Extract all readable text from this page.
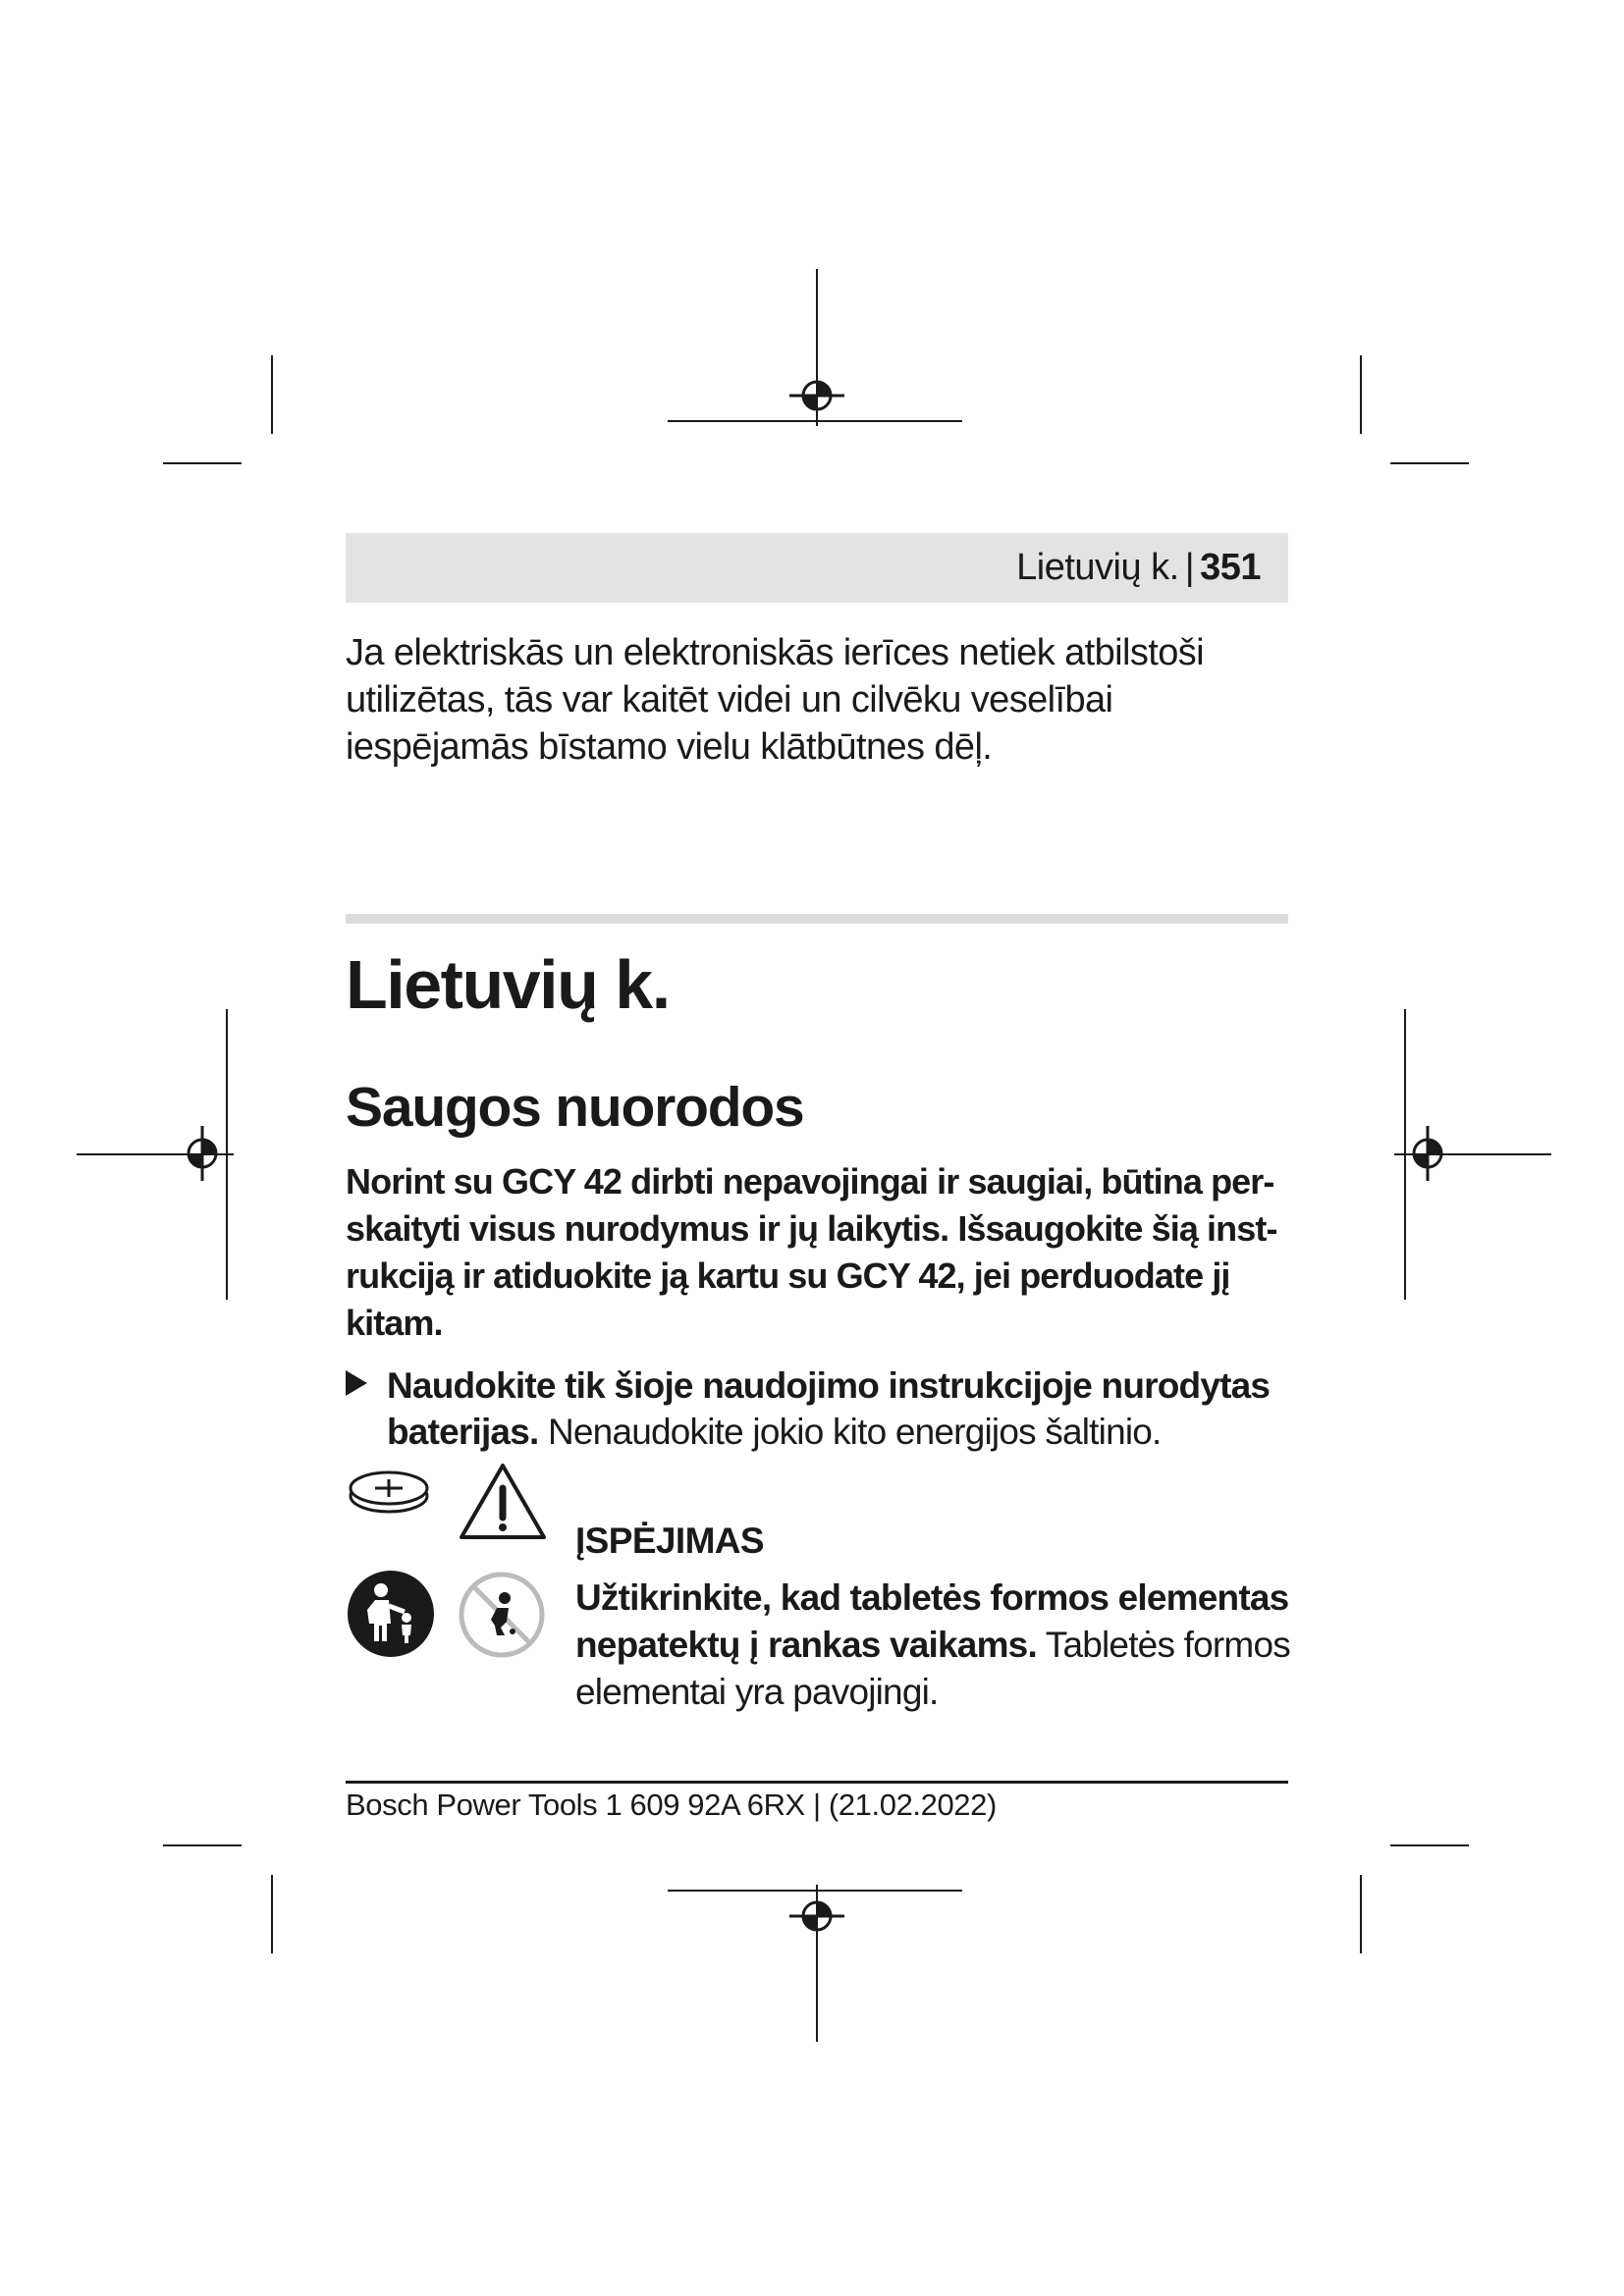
Lietuvių k. | 351
Ja elektriskās un elektroniskās ierīces netiek atbilstoši utilizētas, tās var kaitēt videi un cilvēku veselībai iespējamās bīstamo vielu klātbūtnes dēļ.
Lietuvių k.
Saugos nuorodos
Norint su GCY 42 dirbti nepavojingai ir saugiai, būtina per-skaityti visus nurodymus ir jų laikytis. Išsaugokite šią inst-rukciją ir atiduokite ją kartu su GCY 42, jei perduodate jį kitam.
Naudokite tik šioje naudojimo instrukcijoje nurodytas baterijas. Nenaudokite jokio kito energijos šaltinio.
ĮSPĖJIMAS
Užtikrinkite, kad tabletės formos elementas nepatektų į rankas vaikams. Tabletės formos elementai yra pavojingi.
Bosch Power Tools 1 609 92A 6RX | (21.02.2022)
